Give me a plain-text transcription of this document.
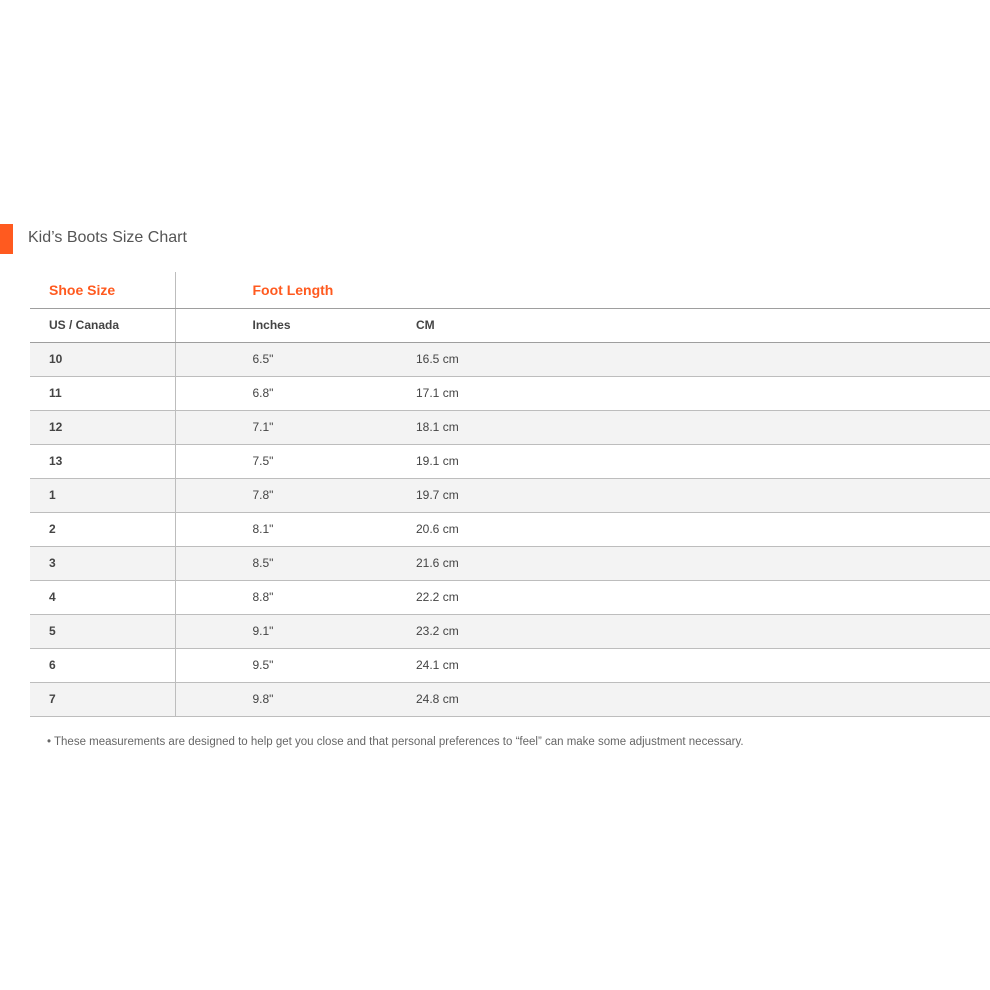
Kid’s Boots Size Chart
Shoe Size	Foot Length	
US / Canada	Inches	CM
10	6.5"	16.5 cm
11	6.8"	17.1 cm
12	7.1"	18.1 cm
13	7.5"	19.1 cm
1	7.8"	19.7 cm
2	8.1"	20.6 cm
3	8.5"	21.6 cm
4	8.8"	22.2 cm
5	9.1"	23.2 cm
6	9.5"	24.1 cm
7	9.8"	24.8 cm
• These measurements are designed to help get you close and that personal preferences to “feel” can make some adjustment necessary.
